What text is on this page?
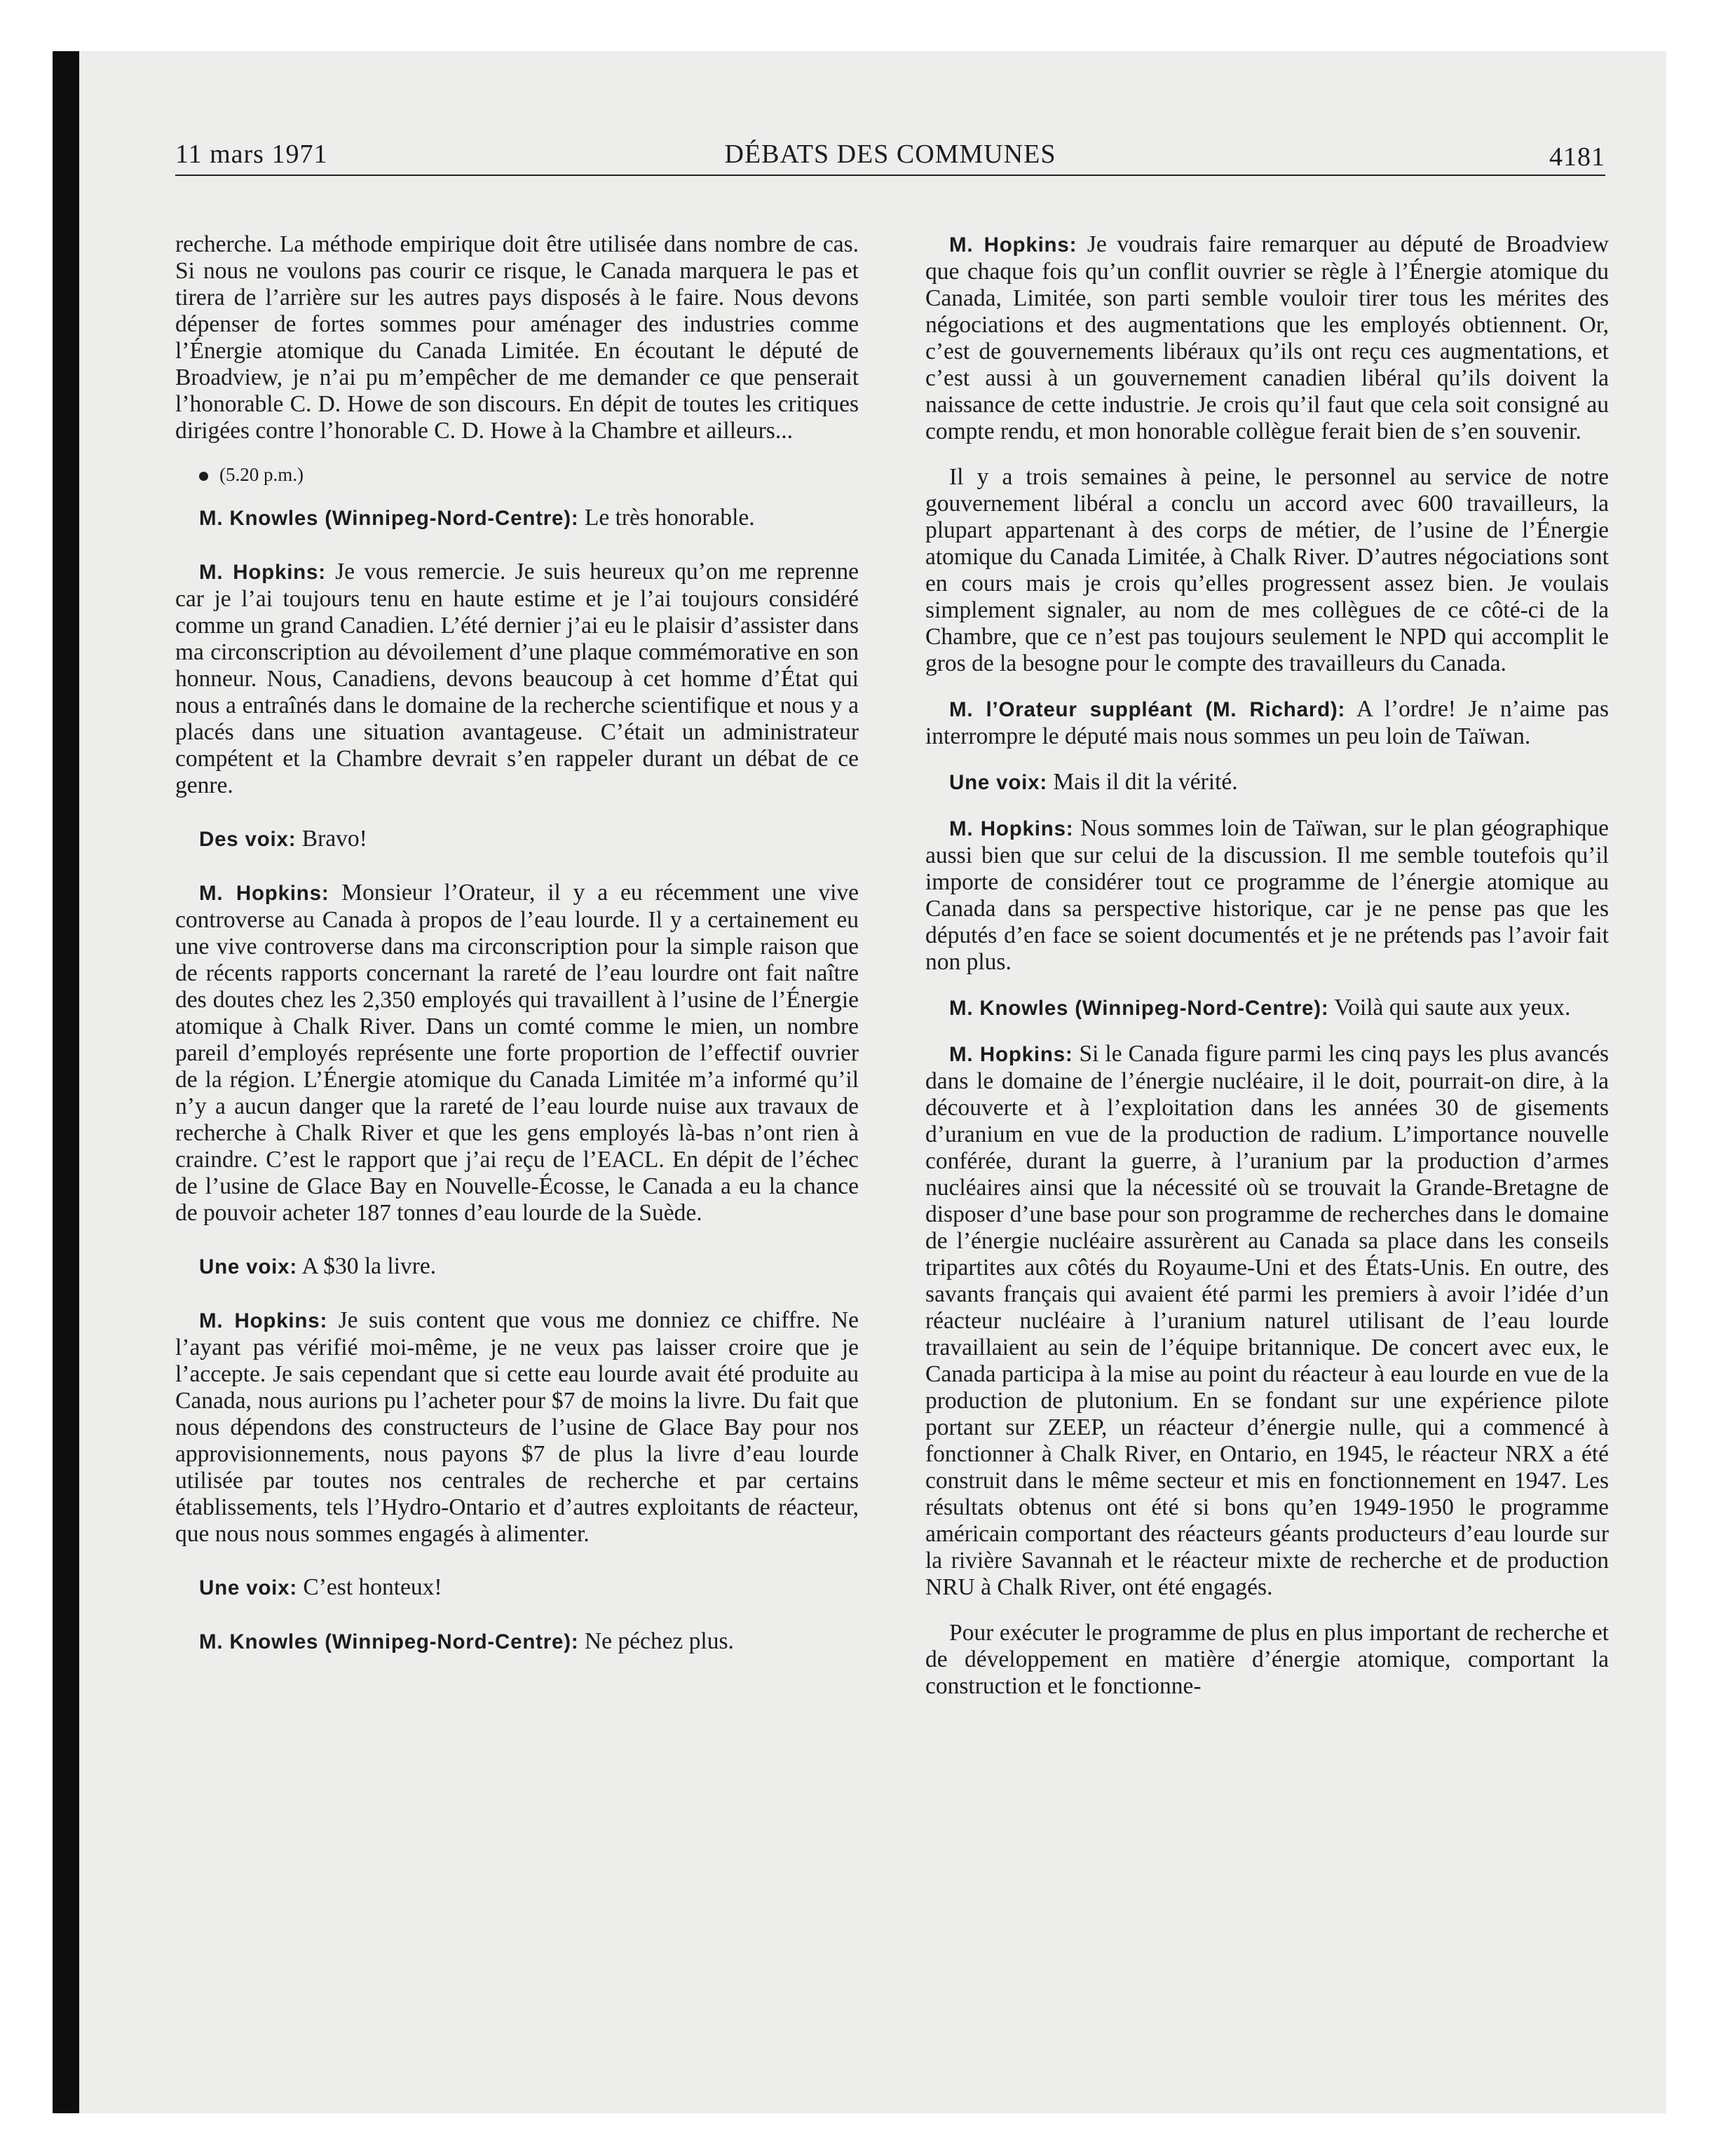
11 mars 1971	DÉBATS DES COMMUNES	4181

recherche. La méthode empirique doit être utilisée dans nombre de cas. Si nous ne voulons pas courir ce risque, le Canada marquera le pas et tirera de l’arrière sur les autres pays disposés à le faire. Nous devons dépenser de fortes sommes pour aménager des industries comme l’Énergie atomique du Canada Limitée. En écoutant le député de Broadview, je n’ai pu m’empêcher de me demander ce que penserait l’honorable C. D. Howe de son discours. En dépit de toutes les critiques dirigées contre l’honorable C. D. Howe à la Chambre et ailleurs...

(5.20 p.m.)

M. Knowles (Winnipeg-Nord-Centre): Le très honorable.

M. Hopkins: Je vous remercie. Je suis heureux qu’on me reprenne car je l’ai toujours tenu en haute estime et je l’ai toujours considéré comme un grand Canadien. L’été dernier j’ai eu le plaisir d’assister dans ma circonscription au dévoilement d’une plaque commémorative en son honneur. Nous, Canadiens, devons beaucoup à cet homme d’État qui nous a entraînés dans le domaine de la recherche scientifique et nous y a placés dans une situation avantageuse. C’était un administrateur compétent et la Chambre devrait s’en rappeler durant un débat de ce genre.

Des voix: Bravo!

M. Hopkins: Monsieur l’Orateur, il y a eu récemment une vive controverse au Canada à propos de l’eau lourde. Il y a certainement eu une vive controverse dans ma circonscription pour la simple raison que de récents rapports concernant la rareté de l’eau lourdre ont fait naître des doutes chez les 2,350 employés qui travaillent à l’usine de l’Énergie atomique à Chalk River. Dans un comté comme le mien, un nombre pareil d’employés représente une forte proportion de l’effectif ouvrier de la région. L’Énergie atomique du Canada Limitée m’a informé qu’il n’y a aucun danger que la rareté de l’eau lourde nuise aux travaux de recherche à Chalk River et que les gens employés là-bas n’ont rien à craindre. C’est le rapport que j’ai reçu de l’EACL. En dépit de l’échec de l’usine de Glace Bay en Nouvelle-Écosse, le Canada a eu la chance de pouvoir acheter 187 tonnes d’eau lourde de la Suède.

Une voix: A $30 la livre.

M. Hopkins: Je suis content que vous me donniez ce chiffre. Ne l’ayant pas vérifié moi-même, je ne veux pas laisser croire que je l’accepte. Je sais cependant que si cette eau lourde avait été produite au Canada, nous aurions pu l’acheter pour $7 de moins la livre. Du fait que nous dépendons des constructeurs de l’usine de Glace Bay pour nos approvisionnements, nous payons $7 de plus la livre d’eau lourde utilisée par toutes nos centrales de recherche et par certains établissements, tels l’Hydro-Ontario et d’autres exploitants de réacteur, que nous nous sommes engagés à alimenter.

Une voix: C’est honteux!

M. Knowles (Winnipeg-Nord-Centre): Ne péchez plus.

M. Hopkins: Je voudrais faire remarquer au député de Broadview que chaque fois qu’un conflit ouvrier se règle à l’Énergie atomique du Canada, Limitée, son parti semble vouloir tirer tous les mérites des négociations et des augmentations que les employés obtiennent. Or, c’est de gouvernements libéraux qu’ils ont reçu ces augmentations, et c’est aussi à un gouvernement canadien libéral qu’ils doivent la naissance de cette industrie. Je crois qu’il faut que cela soit consigné au compte rendu, et mon honorable collègue ferait bien de s’en souvenir.

Il y a trois semaines à peine, le personnel au service de notre gouvernement libéral a conclu un accord avec 600 travailleurs, la plupart appartenant à des corps de métier, de l’usine de l’Énergie atomique du Canada Limitée, à Chalk River. D’autres négociations sont en cours mais je crois qu’elles progressent assez bien. Je voulais simplement signaler, au nom de mes collègues de ce côté-ci de la Chambre, que ce n’est pas toujours seulement le NPD qui accomplit le gros de la besogne pour le compte des travailleurs du Canada.

M. l’Orateur suppléant (M. Richard): A l’ordre! Je n’aime pas interrompre le député mais nous sommes un peu loin de Taïwan.

Une voix: Mais il dit la vérité.

M. Hopkins: Nous sommes loin de Taïwan, sur le plan géographique aussi bien que sur celui de la discussion. Il me semble toutefois qu’il importe de considérer tout ce programme de l’énergie atomique au Canada dans sa perspective historique, car je ne pense pas que les députés d’en face se soient documentés et je ne prétends pas l’avoir fait non plus.

M. Knowles (Winnipeg-Nord-Centre): Voilà qui saute aux yeux.

M. Hopkins: Si le Canada figure parmi les cinq pays les plus avancés dans le domaine de l’énergie nucléaire, il le doit, pourrait-on dire, à la découverte et à l’exploitation dans les années 30 de gisements d’uranium en vue de la production de radium. L’importance nouvelle conférée, durant la guerre, à l’uranium par la production d’armes nucléaires ainsi que la nécessité où se trouvait la Grande-Bretagne de disposer d’une base pour son programme de recherches dans le domaine de l’énergie nucléaire assurèrent au Canada sa place dans les conseils tripartites aux côtés du Royaume-Uni et des États-Unis. En outre, des savants français qui avaient été parmi les premiers à avoir l’idée d’un réacteur nucléaire à l’uranium naturel utilisant de l’eau lourde travaillaient au sein de l’équipe britannique. De concert avec eux, le Canada participa à la mise au point du réacteur à eau lourde en vue de la production de plutonium. En se fondant sur une expérience pilote portant sur ZEEP, un réacteur d’énergie nulle, qui a commencé à fonctionner à Chalk River, en Ontario, en 1945, le réacteur NRX a été construit dans le même secteur et mis en fonctionnement en 1947. Les résultats obtenus ont été si bons qu’en 1949-1950 le programme américain comportant des réacteurs géants producteurs d’eau lourde sur la rivière Savannah et le réacteur mixte de recherche et de production NRU à Chalk River, ont été engagés.

Pour exécuter le programme de plus en plus important de recherche et de développement en matière d’énergie atomique, comportant la construction et le fonctionne-
